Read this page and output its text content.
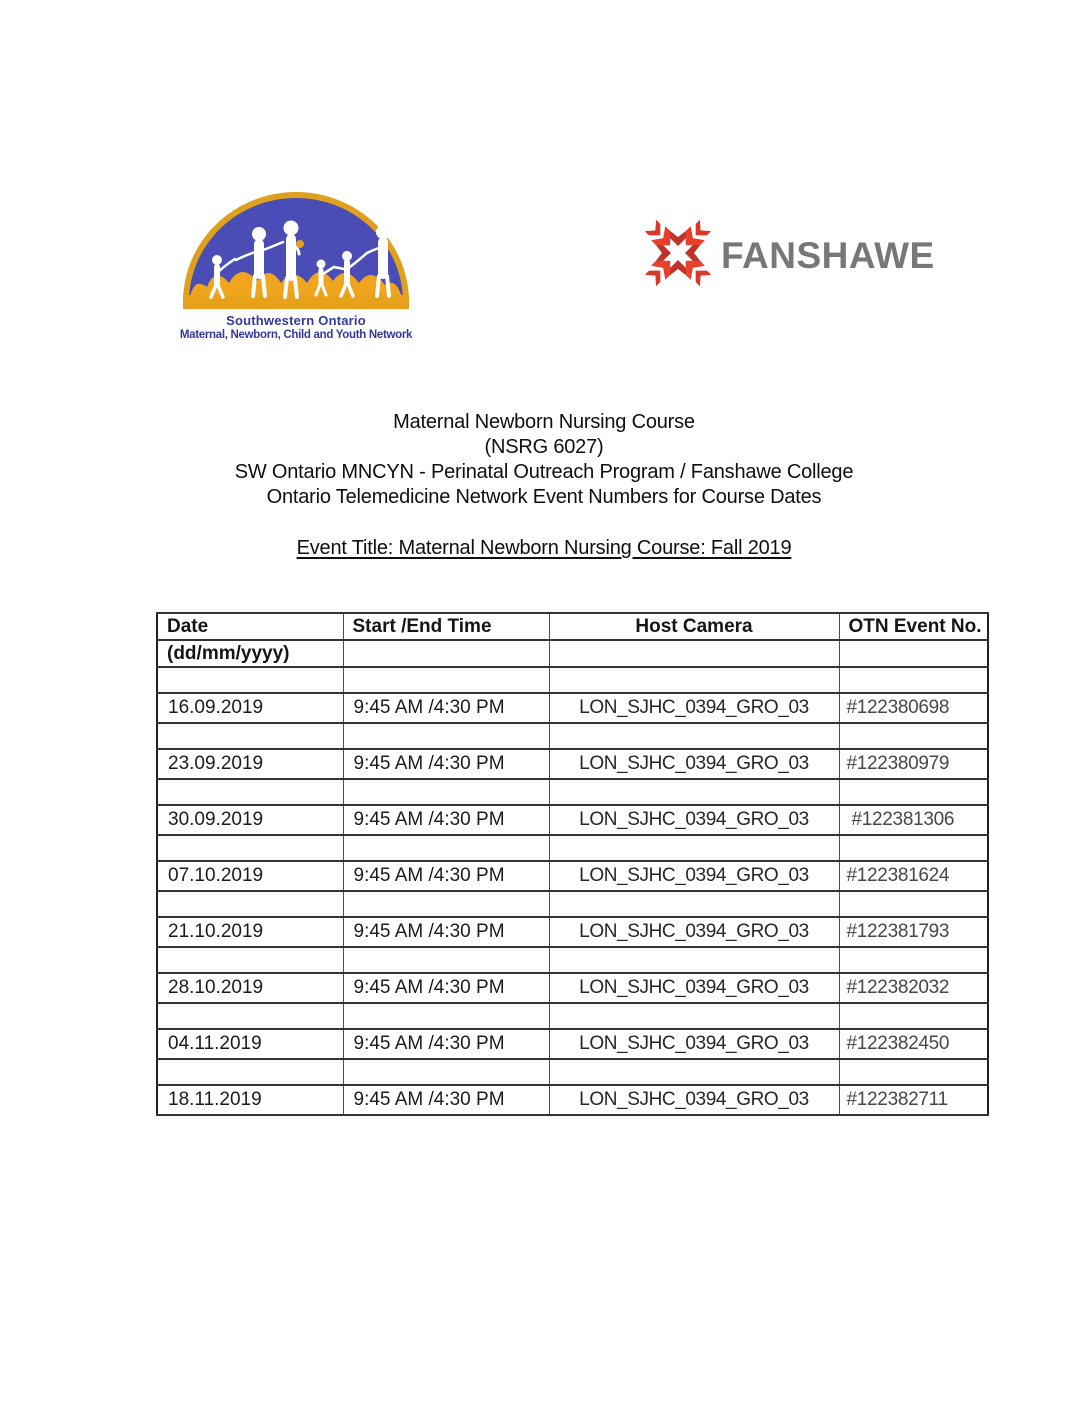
Southwestern Ontario
Maternal, Newborn, Child and Youth Network
FANSHAWE
Maternal Newborn Nursing Course
(NSRG 6027)
SW Ontario MNCYN - Perinatal Outreach Program / Fanshawe College
Ontario Telemedicine Network Event Numbers for Course Dates
Event Title: Maternal Newborn Nursing Course: Fall 2019
Date	Start /End Time	Host Camera	OTN Event No.
(dd/mm/yyyy)			

16.09.2019	9:45 AM /4:30 PM	LON_SJHC_0394_GRO_03	#122380698

23.09.2019	9:45 AM /4:30 PM	LON_SJHC_0394_GRO_03	#122380979

30.09.2019	9:45 AM /4:30 PM	LON_SJHC_0394_GRO_03	#122381306

07.10.2019	9:45 AM /4:30 PM	LON_SJHC_0394_GRO_03	#122381624

21.10.2019	9:45 AM /4:30 PM	LON_SJHC_0394_GRO_03	#122381793

28.10.2019	9:45 AM /4:30 PM	LON_SJHC_0394_GRO_03	#122382032

04.11.2019	9:45 AM /4:30 PM	LON_SJHC_0394_GRO_03	#122382450

18.11.2019	9:45 AM /4:30 PM	LON_SJHC_0394_GRO_03	#122382711
